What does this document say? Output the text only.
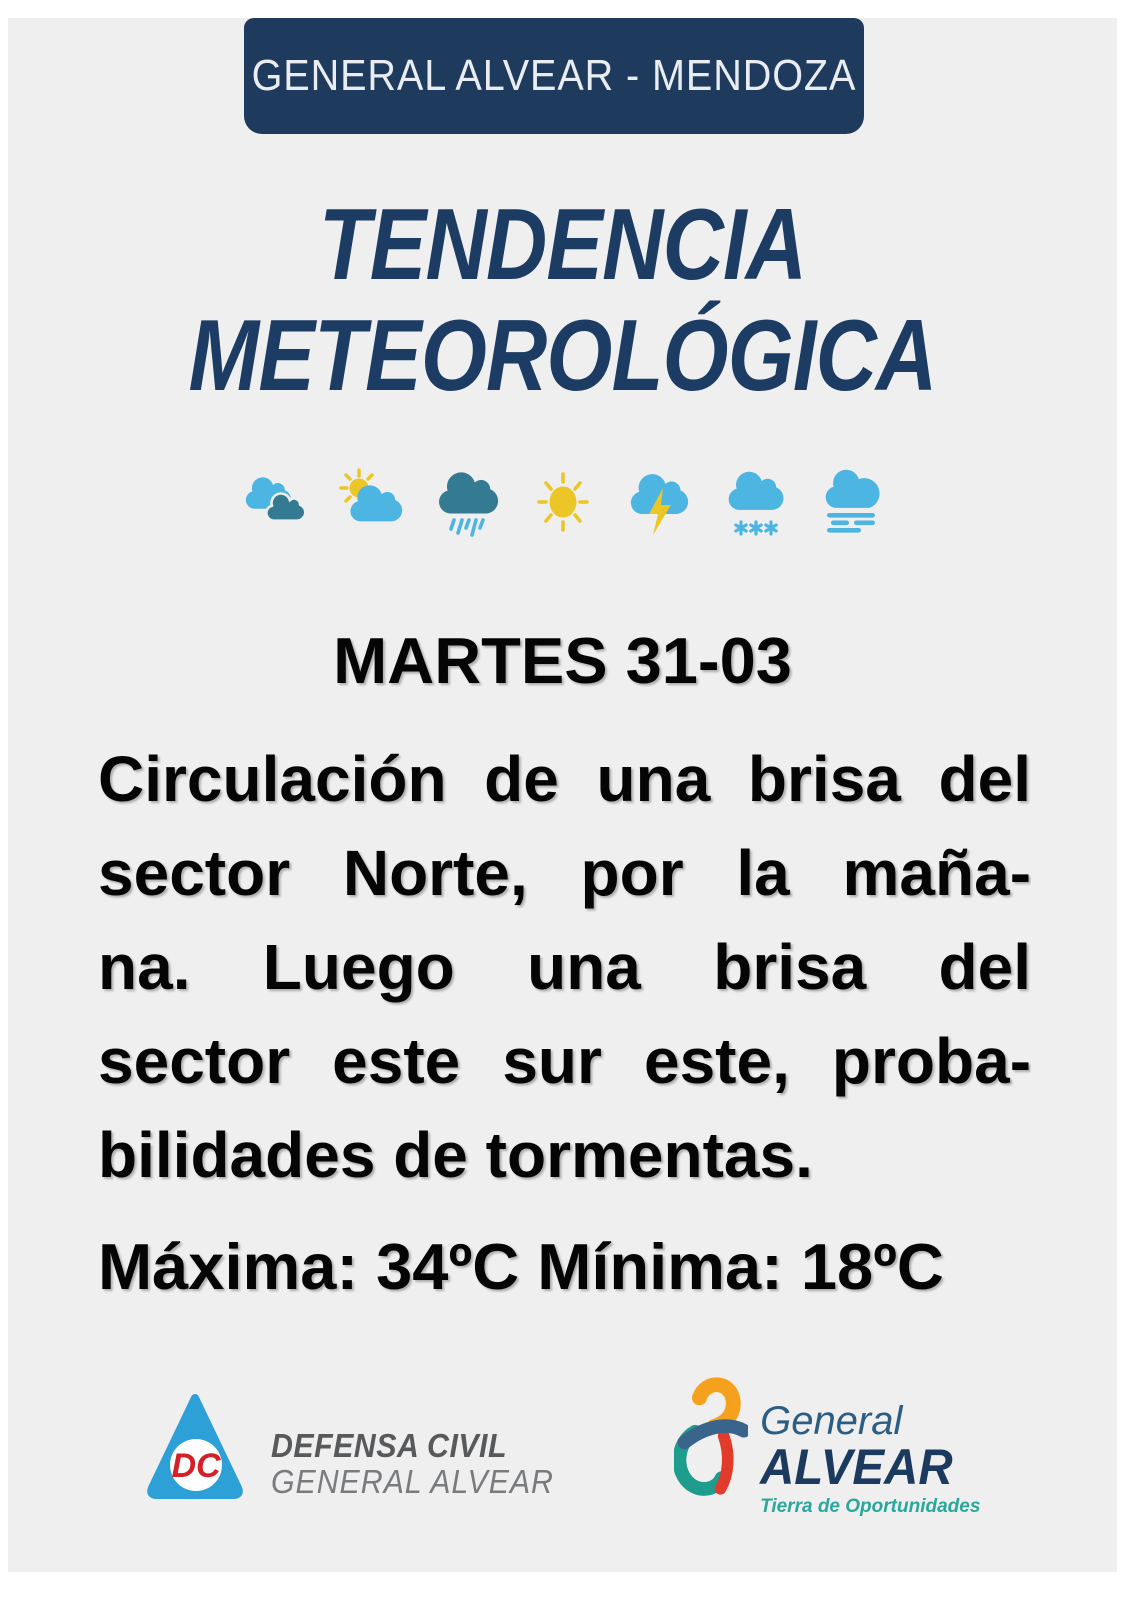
GENERAL ALVEAR - MENDOZA
TENDENCIA
METEOROLÓGICA
MARTES 31-03
Circulación de una brisa del
sector Norte, por la maña-
na. Luego una brisa del
sector este sur este, proba-
bilidades de tormentas.
Máxima: 34ºC Mínima: 18ºC
DC
DEFENSA CIVIL
GENERAL ALVEAR
General
ALVEAR
Tierra de Oportunidades
